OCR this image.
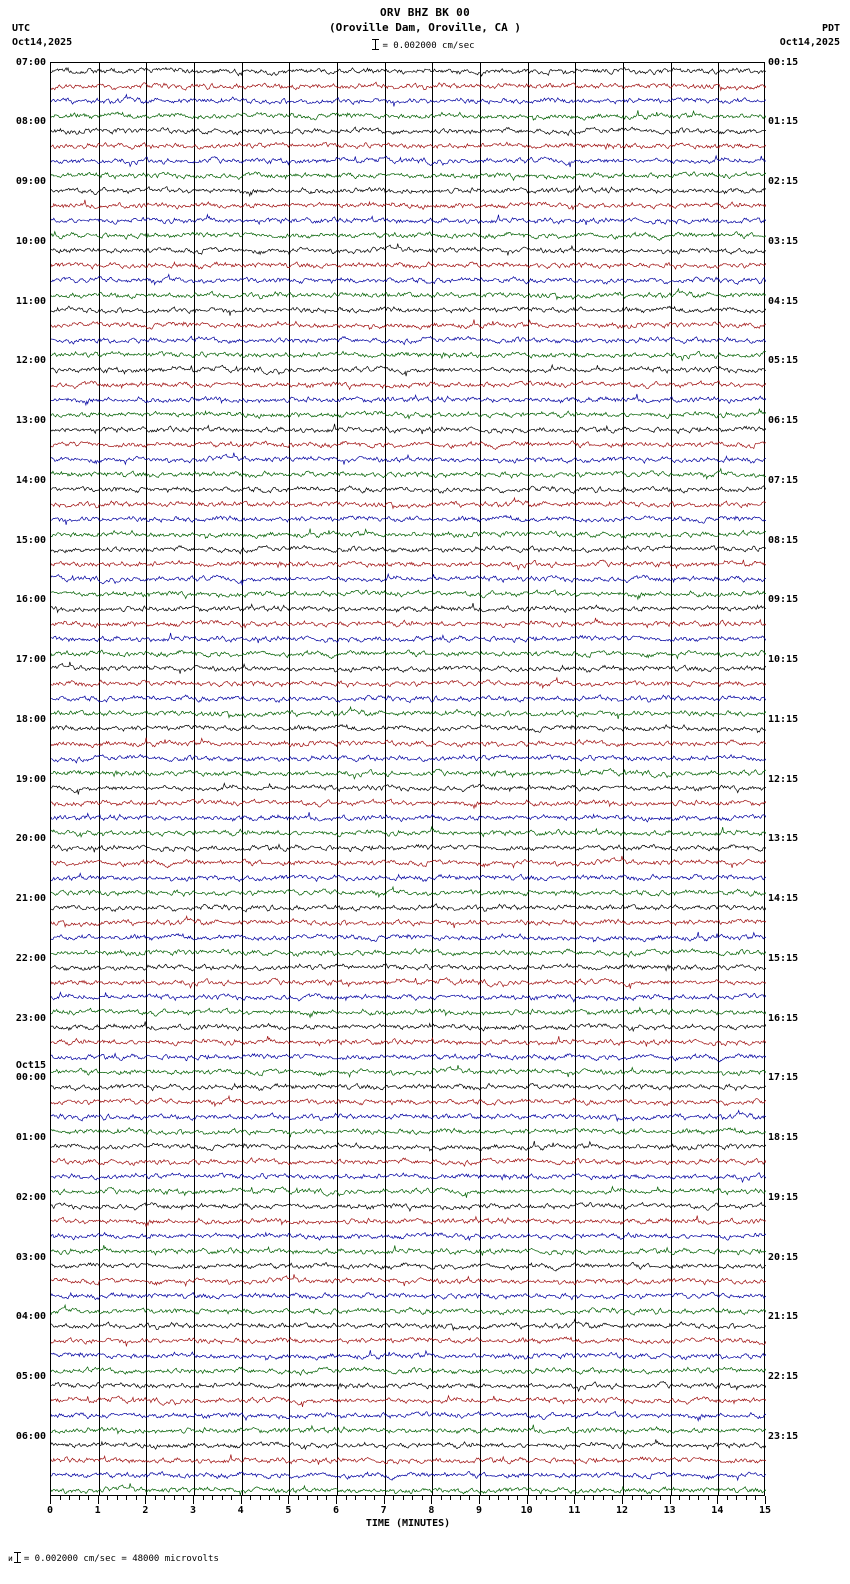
ORV BHZ BK 00
(Oroville Dam, Oroville, CA )
= 0.002000 cm/sec
UTC
Oct14,2025
PDT
Oct14,2025
07:00	00:15
08:00	01:15
09:00	02:15
10:00	03:15
11:00	04:15
12:00	05:15
13:00	06:15
14:00	07:15
15:00	08:15
16:00	09:15
17:00	10:15
18:00	11:15
19:00	12:15
20:00	13:15
21:00	14:15
22:00	15:15
23:00	16:15
00:00	17:15
Oct15
01:00	18:15
02:00	19:15
03:00	20:15
04:00	21:15
05:00	22:15
06:00	23:15
TIME (MINUTES)
0	1	2	3	4	5	6	7	8	9	10	11	12	13	14	15
и = 0.002000 cm/sec = 48000 microvolts
